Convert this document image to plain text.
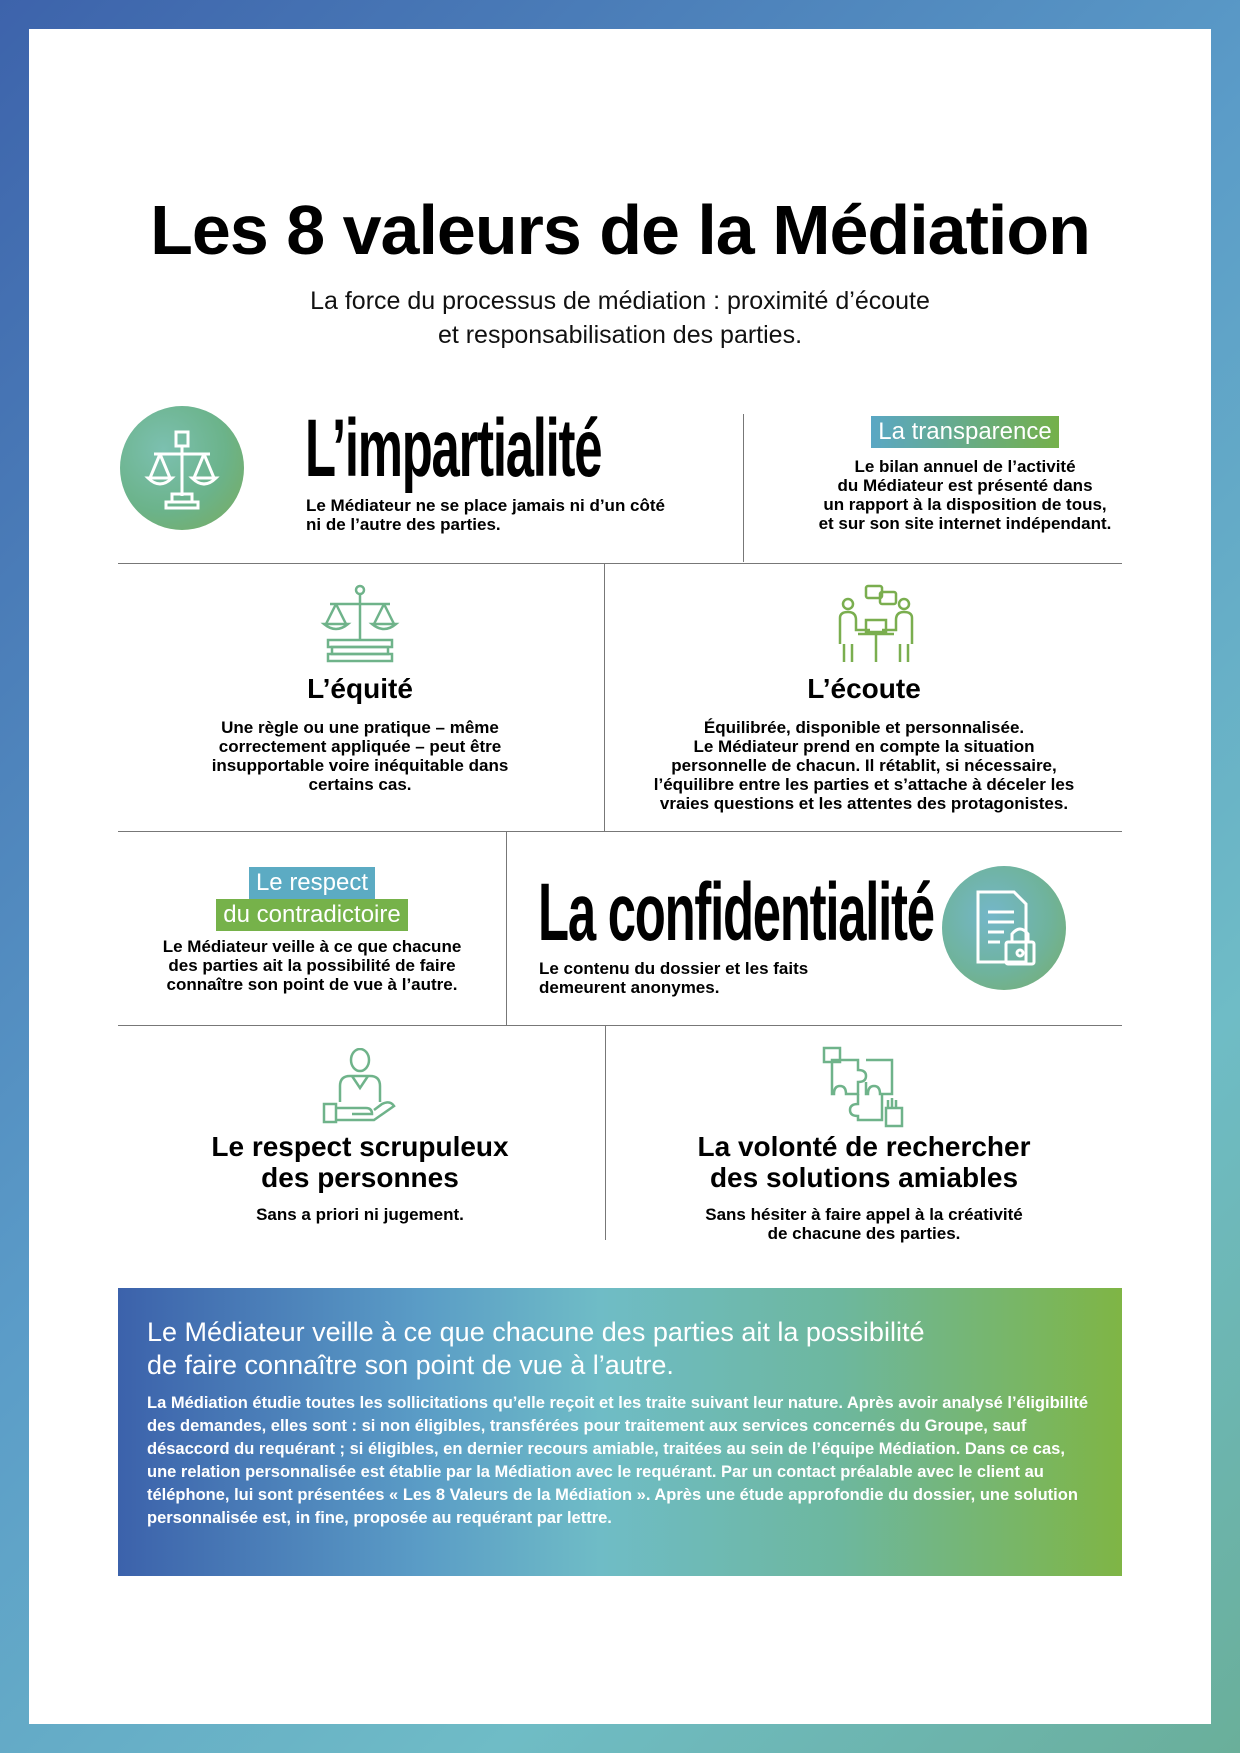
Les 8 valeurs de la Médiation
La force du processus de médiation : proximité d’écoute
et responsabilisation des parties.
L’impartialité
Le Médiateur ne se place jamais ni d’un côté
ni de l’autre des parties.
La transparence
Le bilan annuel de l’activité
du Médiateur est présenté dans
un rapport à la disposition de tous,
et sur son site internet indépendant.
L’équité
Une règle ou une pratique – même
correctement appliquée – peut être
insupportable voire inéquitable dans
certains cas.
L’écoute
Équilibrée, disponible et personnalisée.
Le Médiateur prend en compte la situation
personnelle de chacun. Il rétablit, si nécessaire,
l’équilibre entre les parties et s’attache à déceler les
vraies questions et les attentes des protagonistes.
Le respect
du contradictoire
Le Médiateur veille à ce que chacune
des parties ait la possibilité de faire
connaître son point de vue à l’autre.
La confidentialité
Le contenu du dossier et les faits
demeurent anonymes.
Le respect scrupuleux
des personnes
Sans a priori ni jugement.
La volonté de rechercher
des solutions amiables
Sans hésiter à faire appel à la créativité
de chacune des parties.
Le Médiateur veille à ce que chacune des parties ait la possibilité
de faire connaître son point de vue à l’autre.
La Médiation étudie toutes les sollicitations qu’elle reçoit et les traite suivant leur nature. Après avoir analysé l’éligibilité des demandes, elles sont : si non éligibles, transférées pour traitement aux services concernés du Groupe, sauf désaccord du requérant ; si éligibles, en dernier recours amiable, traitées au sein de l’équipe Médiation. Dans ce cas, une relation personnalisée est établie par la Médiation avec le requérant. Par un contact préalable avec le client au téléphone, lui sont présentées « Les 8 Valeurs de la Médiation ». Après une étude approfondie du dossier, une solution personnalisée est, in fine, proposée au requérant par lettre.
